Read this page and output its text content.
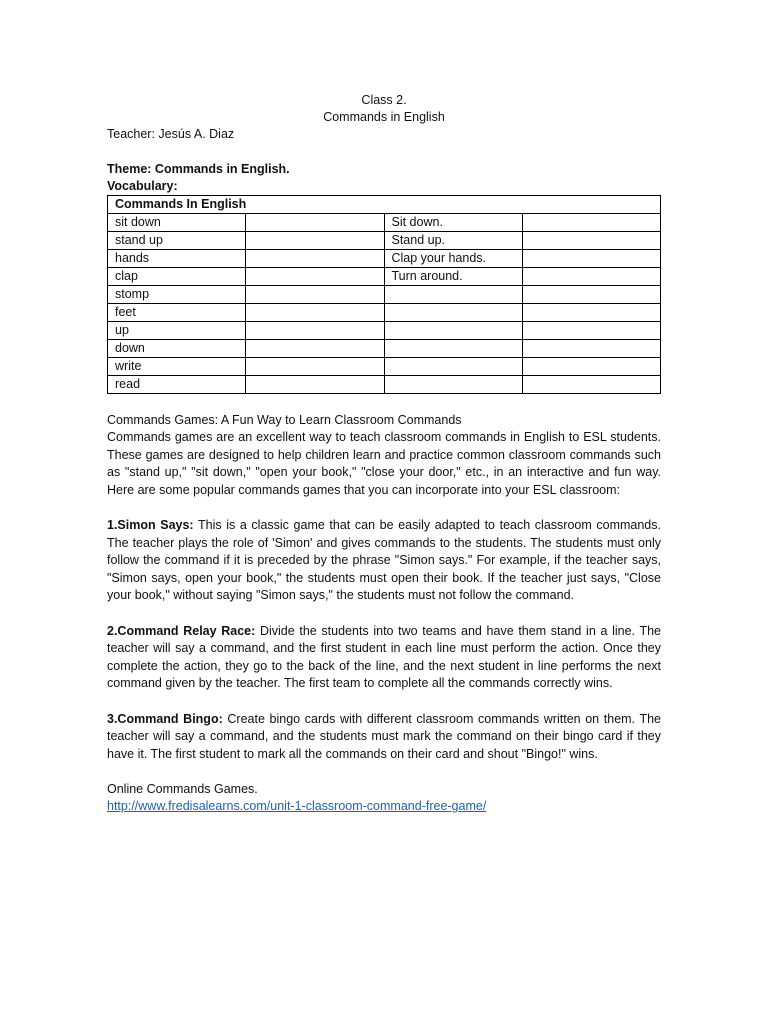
Class 2.
Commands in English
Teacher: Jesús A. Diaz
Theme: Commands in English.
Vocabulary:
Commands In English			
sit down		Sit down.	
stand up		Stand up.	
hands		Clap your hands.	
clap		Turn around.	
stomp			
feet			
up			
down			
write			
read			
Commands Games: A Fun Way to Learn Classroom Commands

Commands games are an excellent way to teach classroom commands in English to ESL students. These games are designed to help children learn and practice common classroom commands such as "stand up," "sit down," "open your book," "close your door," etc., in an interactive and fun way. Here are some popular commands games that you can incorporate into your ESL classroom:

1.Simon Says: This is a classic game that can be easily adapted to teach classroom commands. The teacher plays the role of 'Simon' and gives commands to the students. The students must only follow the command if it is preceded by the phrase "Simon says." For example, if the teacher says, "Simon says, open your book," the students must open their book. If the teacher just says, "Close your book," without saying "Simon says," the students must not follow the command.

2.Command Relay Race: Divide the students into two teams and have them stand in a line. The teacher will say a command, and the first student in each line must perform the action. Once they complete the action, they go to the back of the line, and the next student in line performs the next command given by the teacher. The first team to complete all the commands correctly wins.

3.Command Bingo: Create bingo cards with different classroom commands written on them. The teacher will say a command, and the students must mark the command on their bingo card if they have it. The first student to mark all the commands on their card and shout "Bingo!" wins.

Online Commands Games.
http://www.fredisalearns.com/unit-1-classroom-command-free-game/
